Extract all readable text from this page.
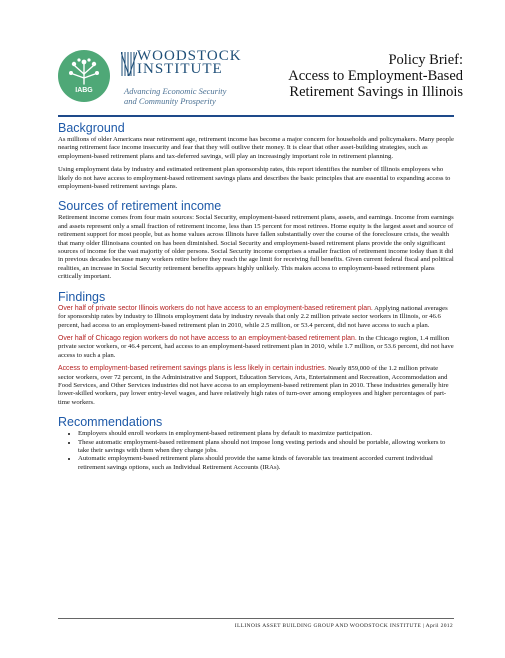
IABG
WOODSTOCK
INSTITUTE
Advancing Economic Security
and Community Prosperity
Policy Brief:
Access to Employment-Based
Retirement Savings in Illinois
Background

As millions of older Americans near retirement age, retirement income has become a major concern for households and policymakers. Many people nearing retirement face income insecurity and fear that they will outlive their money. It is clear that other asset-building strategies, such as employment-based retirement plans and tax-deferred savings, will play an increasingly important role in retirement planning.

Using employment data by industry and estimated retirement plan sponsorship rates, this report identifies the number of Illinois employees who likely do not have access to employment-based retirement savings plans and describes the basic principles that are essential to expanding access to employment-based retirement savings plans.

Sources of retirement income

Retirement income comes from four main sources: Social Security, employment-based retirement plans, assets, and earnings. Income from earnings and assets represent only a small fraction of retirement income, less than 15 percent for most retirees. Home equity is the largest asset and source of retirement support for most people, but as home values across Illinois have fallen substantially over the course of the foreclosure crisis, the wealth that many older Illinoisans counted on has been diminished. Social Security and employment-based retirement plans provide the only significant sources of income for the vast majority of older persons. Social Security income comprises a smaller fraction of retirement income today than it did in previous decades because many workers retire before they reach the age limit for receiving full benefits. Given current federal fiscal and political realities, an increase in Social Security retirement benefits appears highly unlikely. This makes access to employment-based retirement plans critically important.

Findings

Over half of private sector Illinois workers do not have access to an employment-based retirement plan. Applying national averages for sponsorship rates by industry to Illinois employment data by industry reveals that only 2.2 million private sector workers in Illinois, or 46.6 percent, had access to an employment-based retirement plan in 2010, while 2.5 million, or 53.4 percent, did not have access to such a plan.

Over half of Chicago region workers do not have access to an employment-based retirement plan. In the Chicago region, 1.4 million private sector workers, or 46.4 percent, had access to an employment-based retirement plan in 2010, while 1.7 million, or 53.6 percent, did not have access to such a plan.

Access to employment-based retirement savings plans is less likely in certain industries. Nearly 859,000 of the 1.2 million private sector workers, over 72 percent, in the Administrative and Support, Education Services, Arts, Entertainment and Recreation, Accommodation and Food Services, and Other Services industries did not have access to an employment-based retirement plan in 2010. These industries generally hire lower-skilled workers, pay lower entry-level wages, and have relatively high rates of turn-over among employees and higher percentages of part-time workers.

Recommendations
• Employers should enroll workers in employment-based retirement plans by default to maximize participation.
• These automatic employment-based retirement plans should not impose long vesting periods and should be portable, allowing workers to take their savings with them when they change jobs.
• Automatic employment-based retirement plans should provide the same kinds of favorable tax treatment accorded current individual retirement savings options, such as Individual Retirement Accounts (IRAs).
ILLINOIS ASSET BUILDING GROUP AND WOODSTOCK INSTITUTE | April 2012
